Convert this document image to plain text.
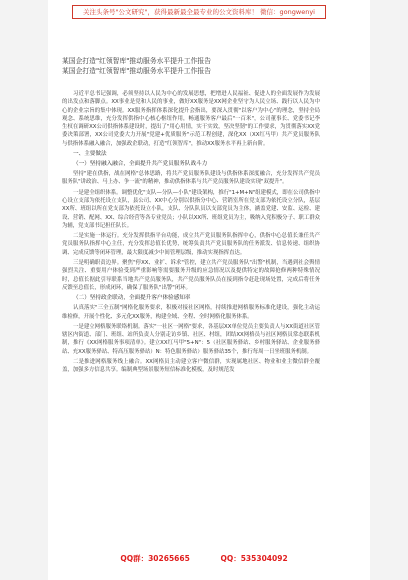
关注头条号"公文研究"，获得最新最全最专业的公文资料库！ 微信：gongwenyi
某国企打造"红领智库"推动服务水平提升工作报告
某国企打造"红领智库"推动服务水平提升工作报告
习近平总书记强调，必须坚持以人民为中心的发展思想，把增进人民福祉、促进人的全面发展作为发展的出发点和落脚点。XX事业是党和人民的事业，做好XX服务是XX网企业坚守为人民立场、践行以人民为中心的企业宗旨的集中体现。XX服务指挥体系深化提升会指出，要深入贯彻"以客户为中心"的理念，坚持全局观念、系统思维，充分发挥供指中心核心枢纽作用，畅通服务客户最后"一百米"，公司董事长、党委书记李生权在调研XX公司供指体系建设时，提出了"用心用情，实干实效，坚决坚韧"的工作要求，为贯彻落实XX党委决策部署，XX公司党委大力开展"党建+优质服务"示范工程创建，深化XX（XX红马甲）共产党员服务队与供指体系融入融合，加强政企联动，打造"红领智库"，推动XX服务水平再上新台阶。
一、主要做法
（一）坚持融入融合，全面提升共产党员服务队战斗力
坚持"建在供指，战在网格"总体思路，将共产党员服务队建设与供指体系深度融合，充分发挥共产党员服务队"讲政治、马上办、争一流"的精神，推动供指体系与共产党员服务队建设实现"双提升"。
一是建全组织体系。调整优化"支队—分队—小队"建设架构，推行"1+M+N"组建模式，即在公司供指中心设立支部为依托设立支队，县公司、XX中心分别以供指分中心、营销室所在党支部为依托设立分队，基层XX所、班组以所在党支部为依托设立小队，支队、分队队员以支部党员为主体，涵盖党建、安监、运检、建设、营销、配网、XX、综合经营等各专业党员；小队以XX所、班组党员为主，吸纳入党积极分子、职工群众为辅，党支部书记担任队长。
二是实施一体运行。充分发挥供指平台功能，成立共产党员服务队指挥中心，供指中心总值长兼任共产党员服务队指挥中心主任，充分发挥总值长优势，统筹负责共产党员服务队的任务派发、信息传递、组织协调、完成反馈等闭环管理，最大限度减少中间管理层级，推动实现指挥直达。
三是明确职责边界。聚焦"停XX、业扩、诉求"管控，建立共产党员服务队"出警"机制，当遇到社会舆情强烈关注、重要用户体验受到严重影响等需要服务升级的应急情况以及提供特定的故障抢修两种特殊情况时，总值长据此引导联系当地共产党员服务队，共产党员服务队员在接到指令赶赴现场处置，完成后将任务反馈至总值长，形成闭环，确保了服务队"出警"闭环。
（二）坚持政企联动，全面提升客户体验感知率
认真落实"三全五制"网格化服务要求，积极对接社区网格，持续推进网格服务标准化建设，强化主动运维检修，开展个性化、多元化XX服务，构建全域、全程、全时网格化服务体系。
一是建立网格服务联络机制。落实"一社区一网格"要求，各基层XX单位党员主要负责人与XX街道社区管辖区内街道、部门、班组、站所负责人分别走访乡镇、社区、村组，团结XX网格员与社区网格员常态联系机制，推行《XX网格服务事项清单》。建立XX红马甲"5+N"：5（社区服务驿站、乡村服务驿站、企业服务驿站、充XX服务驿站、特高压服务驿站）N：特色服务驿站）服务驿站35个，推行每周一日坐班服务机制。
二是推进网格服务线上融合。XX网格员主动建立客户微信群，实现属地社区、物业和业主微信群全覆盖，加强多方信息共享。编制典型场景服务短信标准化模板，及时规范发
QQ群：30265665	QQ：535304092
